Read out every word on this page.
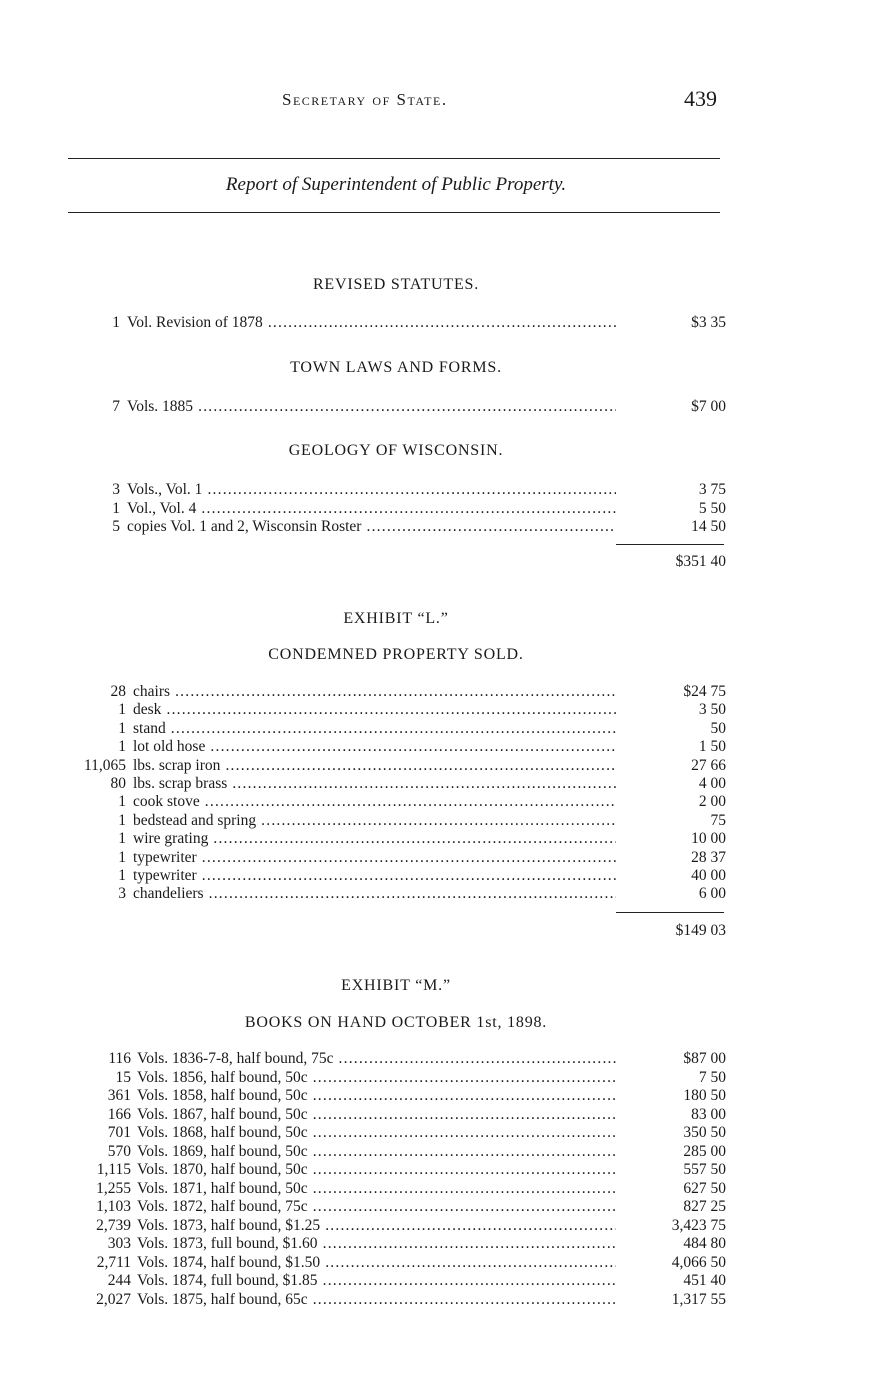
Secretary of State.	439
Report of Superintendent of Public Property.
REVISED STATUTES.
1 Vol. Revision of 1878 .....	$3 35
TOWN LAWS AND FORMS.
7 Vols. 1885 .....	$7 00
GEOLOGY OF WISCONSIN.
3 Vols., Vol. 1 .....	3 75
1 Vol., Vol. 4 .....	5 50
5 copies Vol. 1 and 2, Wisconsin Roster .....	14 50
$351 40
EXHIBIT “L.”
CONDEMNED PROPERTY SOLD.
28 chairs .....	$24 75
1 desk .....	3 50
1 stand .....	50
1 lot old hose .....	1 50
11,065 lbs. scrap iron .....	27 66
80 lbs. scrap brass .....	4 00
1 cook stove .....	2 00
1 bedstead and spring .....	75
1 wire grating .....	10 00
1 typewriter .....	28 37
1 typewriter .....	40 00
3 chandeliers .....	6 00
$149 03
EXHIBIT “M.”
BOOKS ON HAND OCTOBER 1st, 1898.
116 Vols. 1836-7-8, half bound, 75c .....	$87 00
15 Vols. 1856, half bound, 50c .....	7 50
361 Vols. 1858, half bound, 50c .....	180 50
166 Vols. 1867, half bound, 50c .....	83 00
701 Vols. 1868, half bound, 50c .....	350 50
570 Vols. 1869, half bound, 50c .....	285 00
1,115 Vols. 1870, half bound, 50c .....	557 50
1,255 Vols. 1871, half bound, 50c .....	627 50
1,103 Vols. 1872, half bound, 75c .....	827 25
2,739 Vols. 1873, half bound, $1.25 .....	3,423 75
303 Vols. 1873, full bound, $1.60 .....	484 80
2,711 Vols. 1874, half bound, $1.50 .....	4,066 50
244 Vols. 1874, full bound, $1.85 .....	451 40
2,027 Vols. 1875, half bound, 65c .....	1,317 55
